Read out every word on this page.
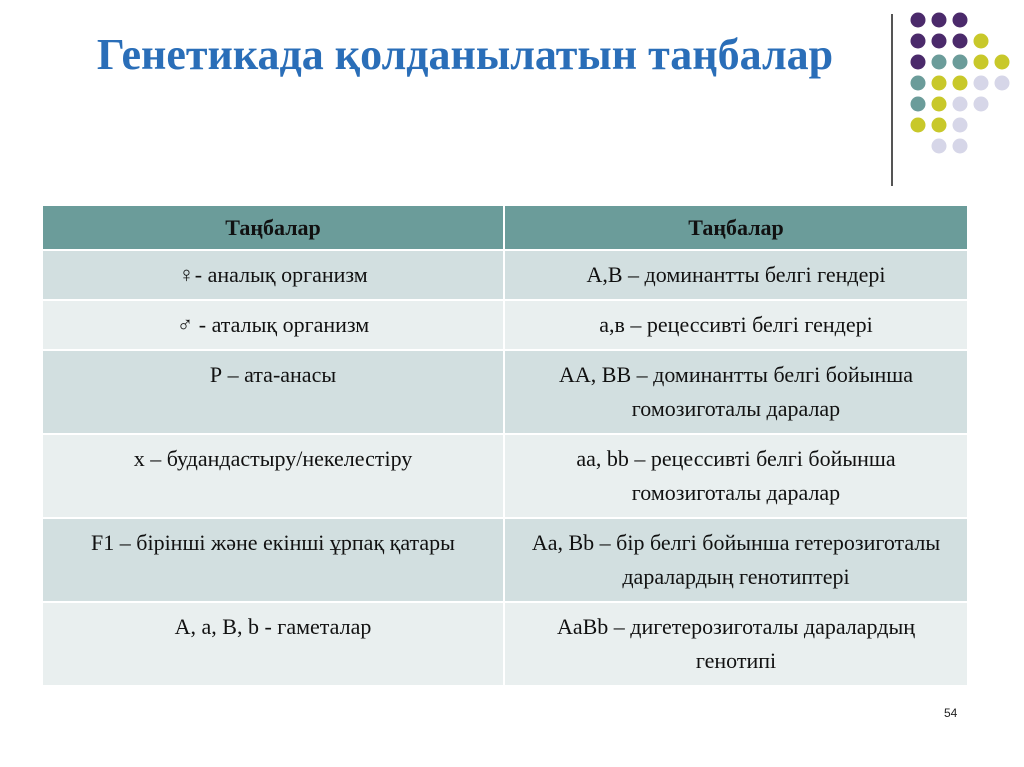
Генетикада қолданылатын таңбалар
Таңбалар	Таңбалар
♀- аналық организм	A,B – доминантты белгі гендері
♂ - аталық организм	a,в – рецессивті белгі гендері
Р – ата-анасы	АА, ВВ – доминантты белгі бойынша гомозиготалы даралар
х – будандастыру/некелестіру	aa, bb – рецессивті белгі бойынша гомозиготалы даралар
F1 – бірінші және екінші ұрпақ қатары	Aa, Bb – бір белгі бойынша гетерозиготалы даралардың генотиптері
A, a, B, b - гаметалар	AaBb – дигетерозиготалы даралардың генотипі
54
